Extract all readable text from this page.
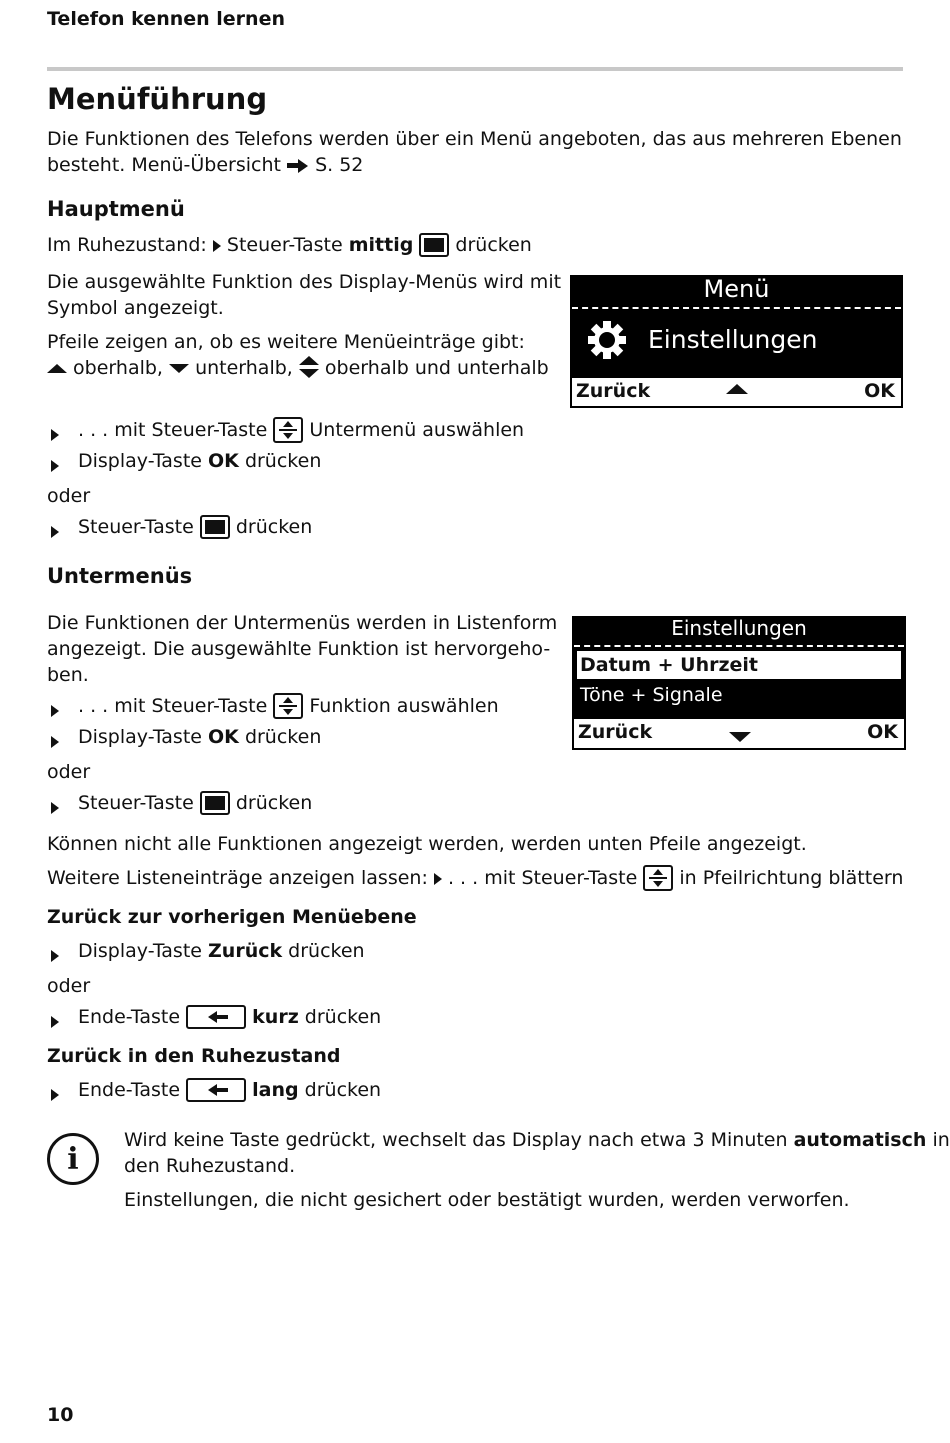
Telefon kennen lernen
Menüführung
Die Funktionen des Telefons werden über ein Menü angeboten, das aus mehreren Ebenen
besteht. Menü-Übersicht S. 52
Hauptmenü
Im Ruhezustand: Steuer-Taste mittig drücken
Die ausgewählte Funktion des Display-Menüs wird mit
Symbol angezeigt.
Pfeile zeigen an, ob es weitere Menüeinträge gibt:
oberhalb, unterhalb, oberhalb und unterhalb
Menü
Einstellungen
Zurück	OK
. . . mit Steuer-Taste Untermenü auswählen
Display-Taste OK drücken
oder
Steuer-Taste drücken
Untermenüs
Die Funktionen der Untermenüs werden in Listenform
angezeigt. Die ausgewählte Funktion ist hervorgeho-
ben.
. . . mit Steuer-Taste Funktion auswählen
Display-Taste OK drücken
oder
Steuer-Taste drücken
Einstellungen
Datum + Uhrzeit
Töne + Signale
Zurück	OK
Können nicht alle Funktionen angezeigt werden, werden unten Pfeile angezeigt.
Weitere Listeneinträge anzeigen lassen: . . . mit Steuer-Taste in Pfeilrichtung blättern
Zurück zur vorherigen Menüebene
Display-Taste Zurück drücken
oder
Ende-Taste	kurz drücken
Zurück in den Ruhezustand
Ende-Taste	lang drücken
i
Wird keine Taste gedrückt, wechselt das Display nach etwa 3 Minuten automatisch in
den Ruhezustand.
Einstellungen, die nicht gesichert oder bestätigt wurden, werden verworfen.
10
